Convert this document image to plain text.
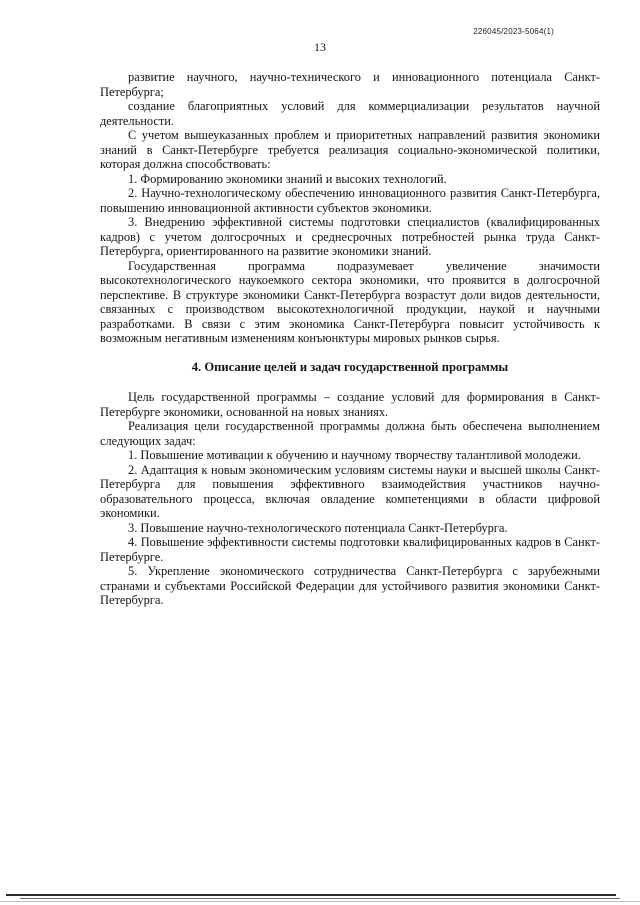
226045/2023-5064(1)
13

развитие научного, научно-технического и инновационного потенциала Санкт-Петербурга;

создание благоприятных условий для коммерциализации результатов научной деятельности.

С учетом вышеуказанных проблем и приоритетных направлений развития экономики знаний в Санкт-Петербурге требуется реализация социально-экономической политики, которая должна способствовать:

1. Формированию экономики знаний и высоких технологий.

2. Научно-технологическому обеспечению инновационного развития Санкт-Петербурга, повышению инновационной активности субъектов экономики.

3. Внедрению эффективной системы подготовки специалистов (квалифицированных кадров) с учетом долгосрочных и среднесрочных потребностей рынка труда Санкт-Петербурга, ориентированного на развитие экономики знаний.

Государственная программа подразумевает увеличение значимости высокотехнологического наукоемкого сектора экономики, что проявится в долгосрочной перспективе. В структуре экономики Санкт-Петербурга возрастут доли видов деятельности, связанных с производством высокотехнологичной продукции, наукой и научными разработками. В связи с этим экономика Санкт-Петербурга повысит устойчивость к возможным негативным изменениям конъюнктуры мировых рынков сырья.

4. Описание целей и задач государственной программы

Цель государственной программы – создание условий для формирования в Санкт-Петербурге экономики, основанной на новых знаниях.

Реализация цели государственной программы должна быть обеспечена выполнением следующих задач:

1. Повышение мотивации к обучению и научному творчеству талантливой молодежи.

2. Адаптация к новым экономическим условиям системы науки и высшей школы Санкт-Петербурга для повышения эффективного взаимодействия участников научно-образовательного процесса, включая овладение компетенциями в области цифровой экономики.

3. Повышение научно-технологического потенциала Санкт-Петербурга.

4. Повышение эффективности системы подготовки квалифицированных кадров в Санкт-Петербурге.

5. Укрепление экономического сотрудничества Санкт-Петербурга с зарубежными странами и субъектами Российской Федерации для устойчивого развития экономики Санкт-Петербурга.
